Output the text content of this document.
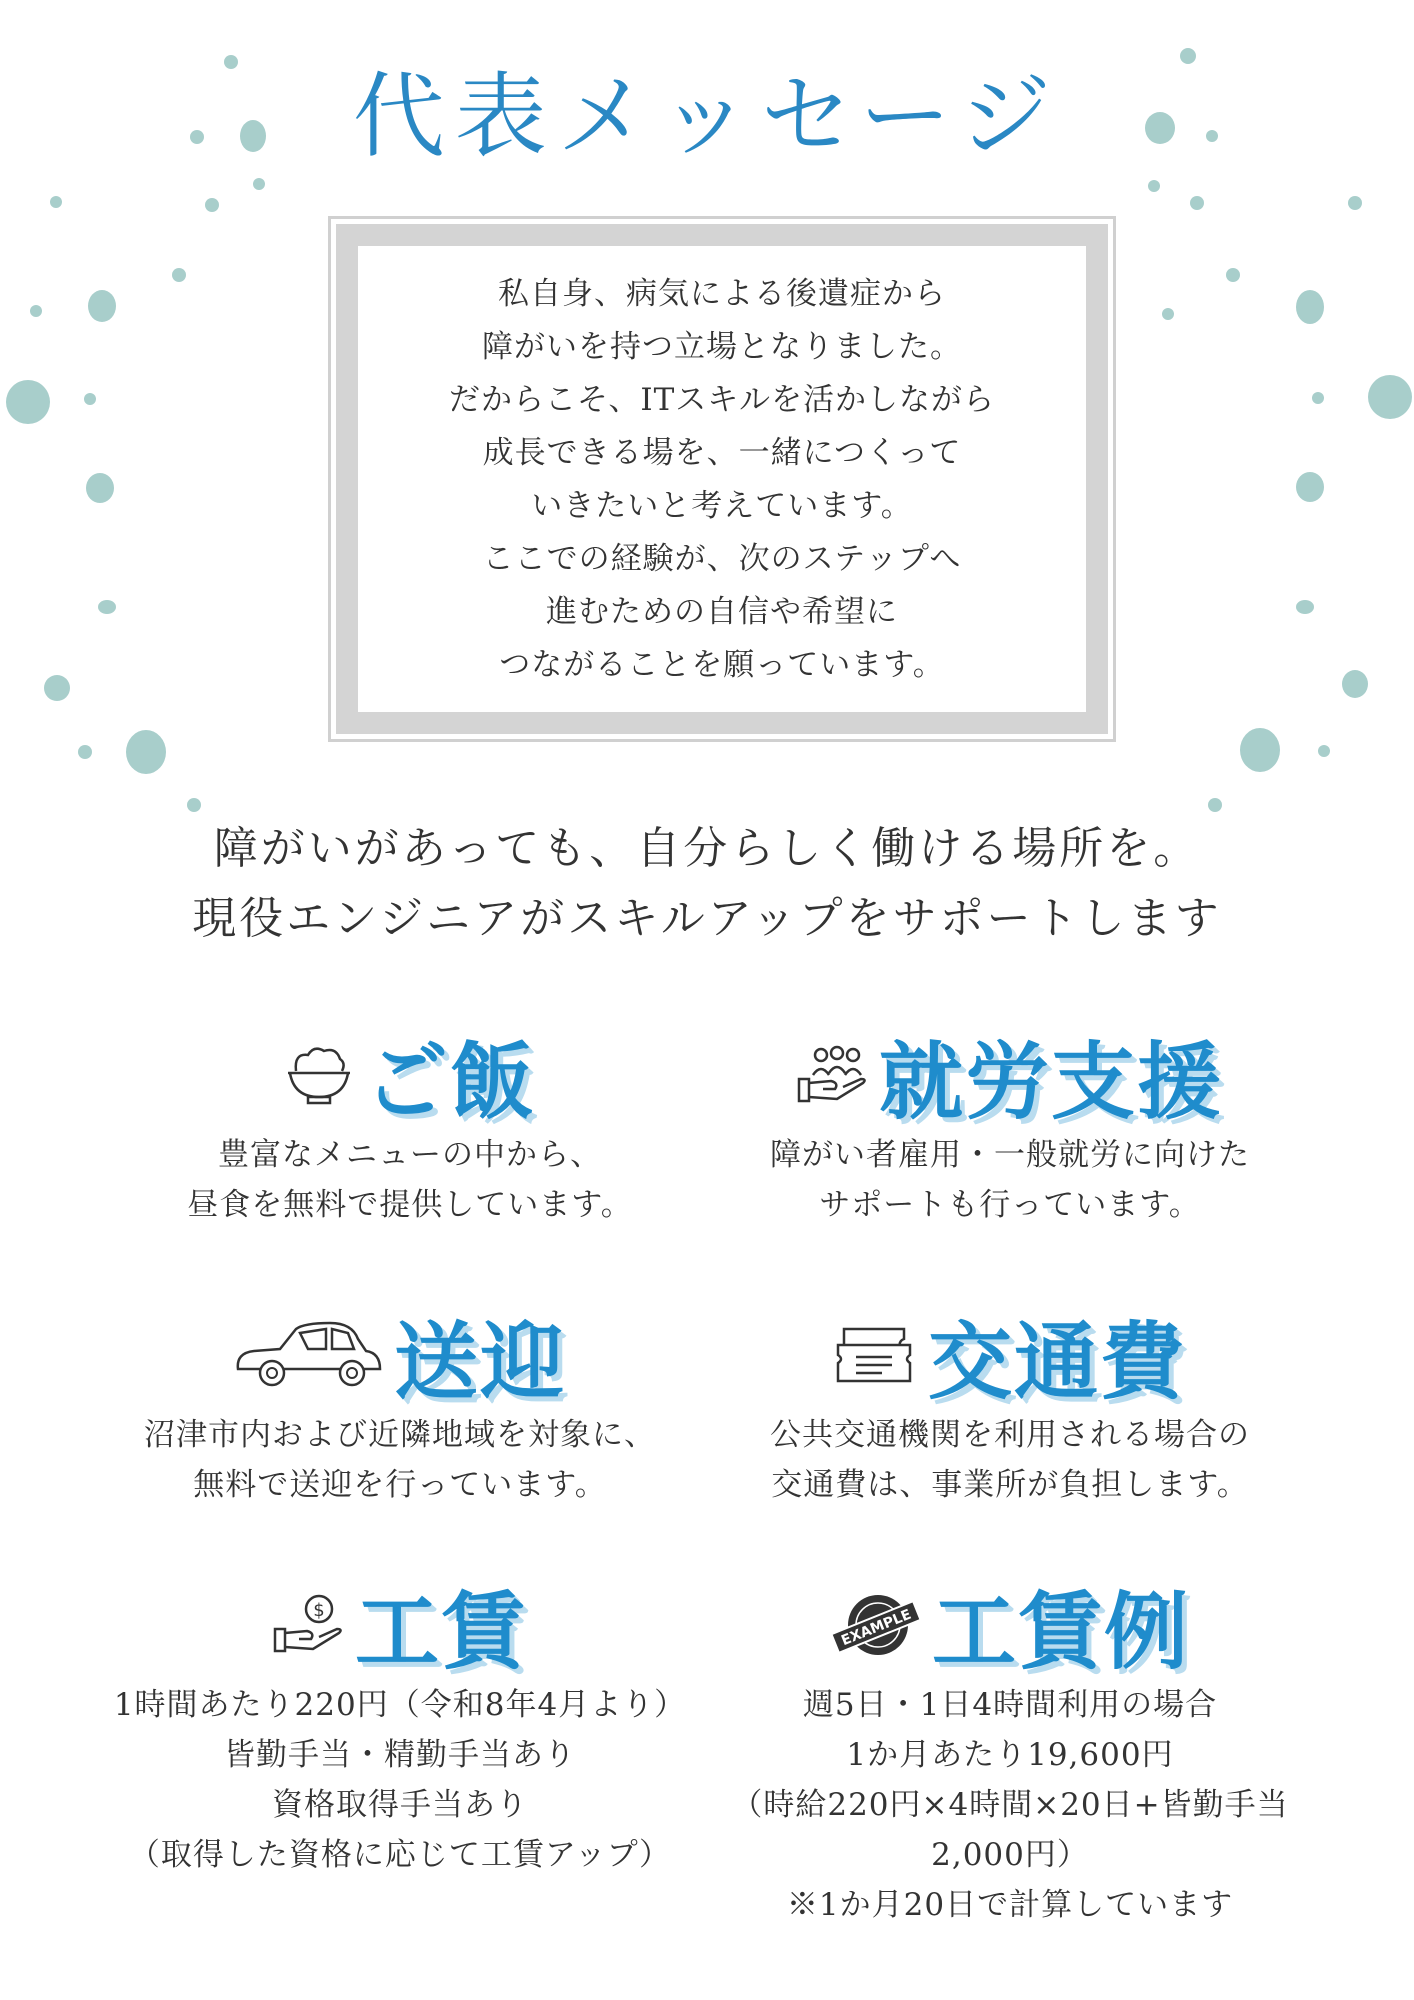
代表メッセージ
私自身、病気による後遺症から
障がいを持つ立場となりました。
だからこそ、ITスキルを活かしながら
成長できる場を、一緒につくって
いきたいと考えています。
ここでの経験が、次のステップへ
進むための自信や希望に
つながることを願っています。
障がいがあっても、自分らしく働ける場所を。
現役エンジニアがスキルアップをサポートします
ご飯
豊富なメニューの中から、
昼食を無料で提供しています。
就労支援
障がい者雇用・一般就労に向けた
サポートも行っています。
送迎
沼津市内および近隣地域を対象に、
無料で送迎を行っています。
交通費
公共交通機関を利用される場合の
交通費は、事業所が負担します。
$ 工賃
1時間あたり220円（令和8年4月より）
皆勤手当・精勤手当あり
資格取得手当あり
（取得した資格に応じて工賃アップ）
EXAMPLE 工賃例
週5日・1日4時間利用の場合
1か月あたり19,600円
（時給220円×4時間×20日+皆勤手当2,000円）
※1か月20日で計算しています
